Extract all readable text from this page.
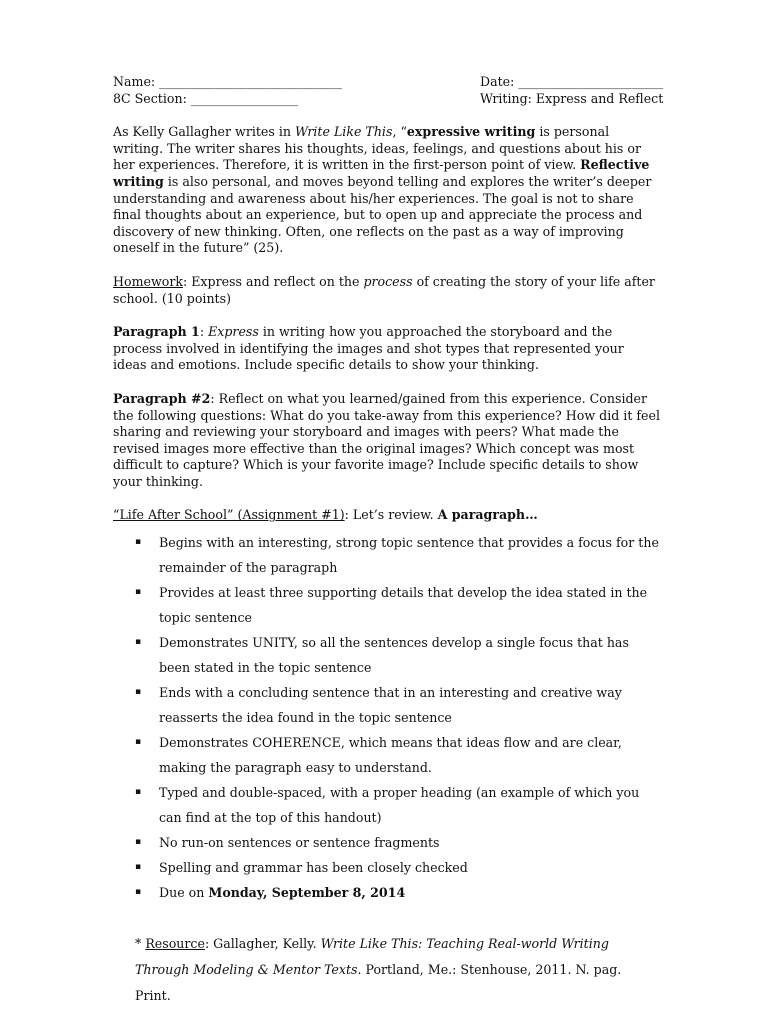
Name: _____________________________
8C Section: _________________
Date: _______________________
Writing: Express and Reflect

As Kelly Gallagher writes in Write Like This, “expressive writing is personal writing. The writer shares his thoughts, ideas, feelings, and questions about his or her experiences. Therefore, it is written in the first-person point of view. Reflective writing is also personal, and moves beyond telling and explores the writer’s deeper understanding and awareness about his/her experiences. The goal is not to share final thoughts about an experience, but to open up and appreciate the process and discovery of new thinking. Often, one reflects on the past as a way of improving oneself in the future” (25).

Homework: Express and reflect on the process of creating the story of your life after school. (10 points)

Paragraph 1: Express in writing how you approached the storyboard and the process involved in identifying the images and shot types that represented your ideas and emotions. Include specific details to show your thinking.

Paragraph #2: Reflect on what you learned/gained from this experience. Consider the following questions: What do you take-away from this experience? How did it feel sharing and reviewing your storyboard and images with peers? What made the revised images more effective than the original images? Which concept was most difficult to capture? Which is your favorite image? Include specific details to show your thinking.

“Life After School” (Assignment #1): Let’s review. A paragraph…

▪ Begins with an interesting, strong topic sentence that provides a focus for the remainder of the paragraph
▪ Provides at least three supporting details that develop the idea stated in the topic sentence
▪ Demonstrates UNITY, so all the sentences develop a single focus that has been stated in the topic sentence
▪ Ends with a concluding sentence that in an interesting and creative way reasserts the idea found in the topic sentence
▪ Demonstrates COHERENCE, which means that ideas flow and are clear, making the paragraph easy to understand.
▪ Typed and double-spaced, with a proper heading (an example of which you can find at the top of this handout)
▪ No run-on sentences or sentence fragments
▪ Spelling and grammar has been closely checked
▪ Due on Monday, September 8, 2014

* Resource: Gallagher, Kelly. Write Like This: Teaching Real-world Writing Through Modeling & Mentor Texts. Portland, Me.: Stenhouse, 2011. N. pag. Print.
